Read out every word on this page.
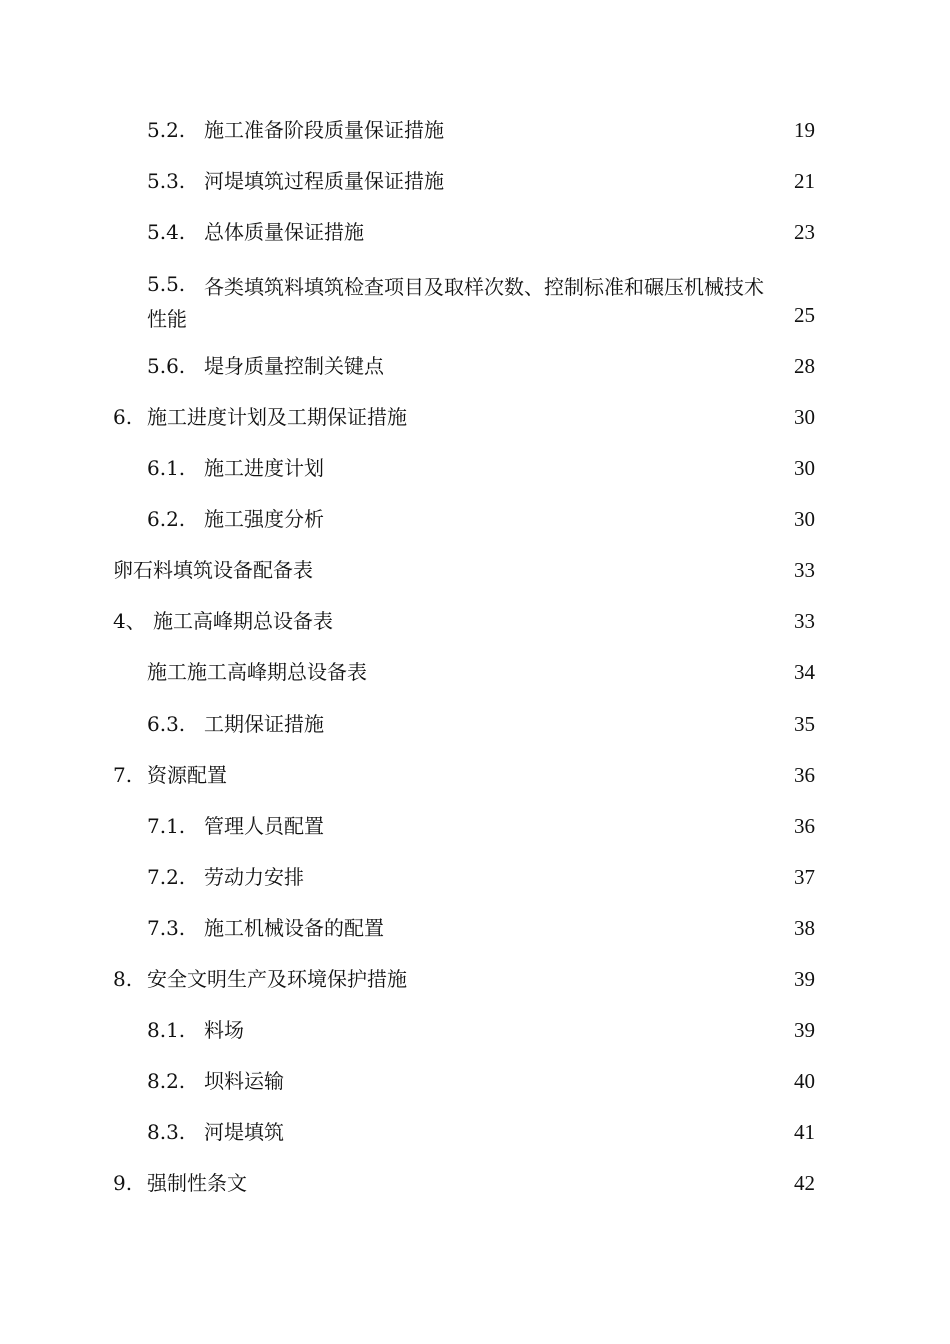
5.2. 施工准备阶段质量保证措施	19
5.3. 河堤填筑过程质量保证措施	21
5.4. 总体质量保证措施	23
5.5. 各类填筑料填筑检查项目及取样次数、控制标准和碾压机械技术
性能	25
5.6. 堤身质量控制关键点	28
6. 施工进度计划及工期保证措施	30
6.1. 施工进度计划	30
6.2. 施工强度分析	30
卵石料填筑设备配备表	33
4、 施工高峰期总设备表	33
施工施工高峰期总设备表	34
6.3. 工期保证措施	35
7. 资源配置	36
7.1. 管理人员配置	36
7.2. 劳动力安排	37
7.3. 施工机械设备的配置	38
8. 安全文明生产及环境保护措施	39
8.1. 料场	39
8.2. 坝料运输	40
8.3. 河堤填筑	41
9. 强制性条文	42
